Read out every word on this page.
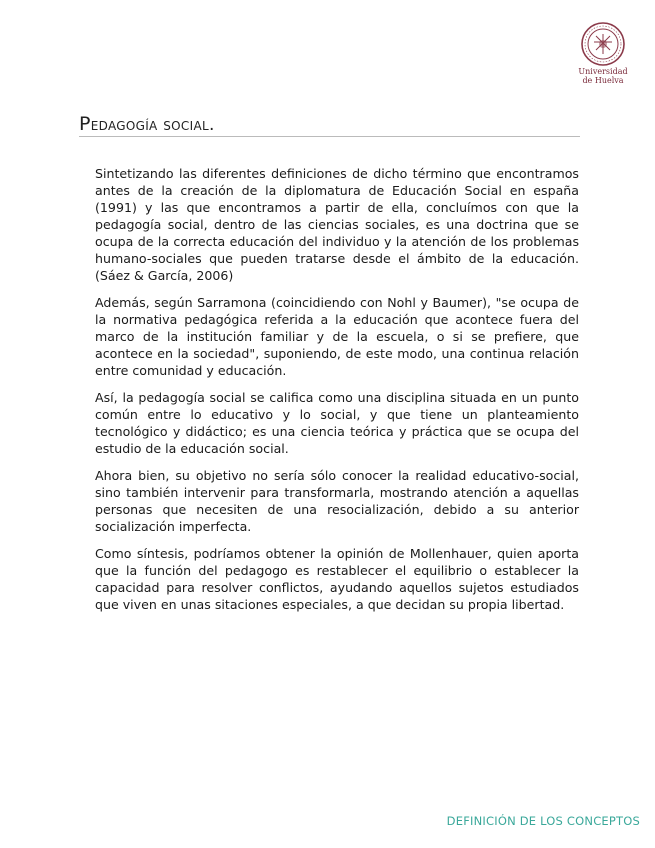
Universidad
de Huelva
Pedagogía social.

Sintetizando las diferentes definiciones de dicho término que encontramos antes de la creación de la diplomatura de Educación Social en españa (1991) y las que encontramos a partir de ella, concluímos con que la pedagogía social, dentro de las ciencias sociales, es una doctrina que se ocupa de la correcta educación del individuo y la atención de los problemas humano-sociales que pueden tratarse desde el ámbito de la educación. (Sáez & García, 2006)

Además, según Sarramona (coincidiendo con Nohl y Baumer), "se ocupa de la normativa pedagógica referida a la educación que acontece fuera del marco de la institución familiar y de la escuela, o si se prefiere, que acontece en la sociedad", suponiendo, de este modo, una continua relación entre comunidad y educación.

Así, la pedagogía social se califica como una disciplina situada en un punto común entre lo educativo y lo social, y que tiene un planteamiento tecnológico y didáctico; es una ciencia teórica y práctica que se ocupa del estudio de la educación social.

Ahora bien, su objetivo no sería sólo conocer la realidad educativo-social, sino también intervenir para transformarla, mostrando atención a aquellas personas que necesiten de una resocialización, debido a su anterior socialización imperfecta.

Como síntesis, podríamos obtener la opinión de Mollenhauer, quien aporta que la función del pedagogo es restablecer el equilibrio o establecer la capacidad para resolver conflictos, ayudando aquellos sujetos estudiados que viven en unas sitaciones especiales, a que decidan su propia libertad.

DEFINICIÓN DE LOS CONCEPTOS
